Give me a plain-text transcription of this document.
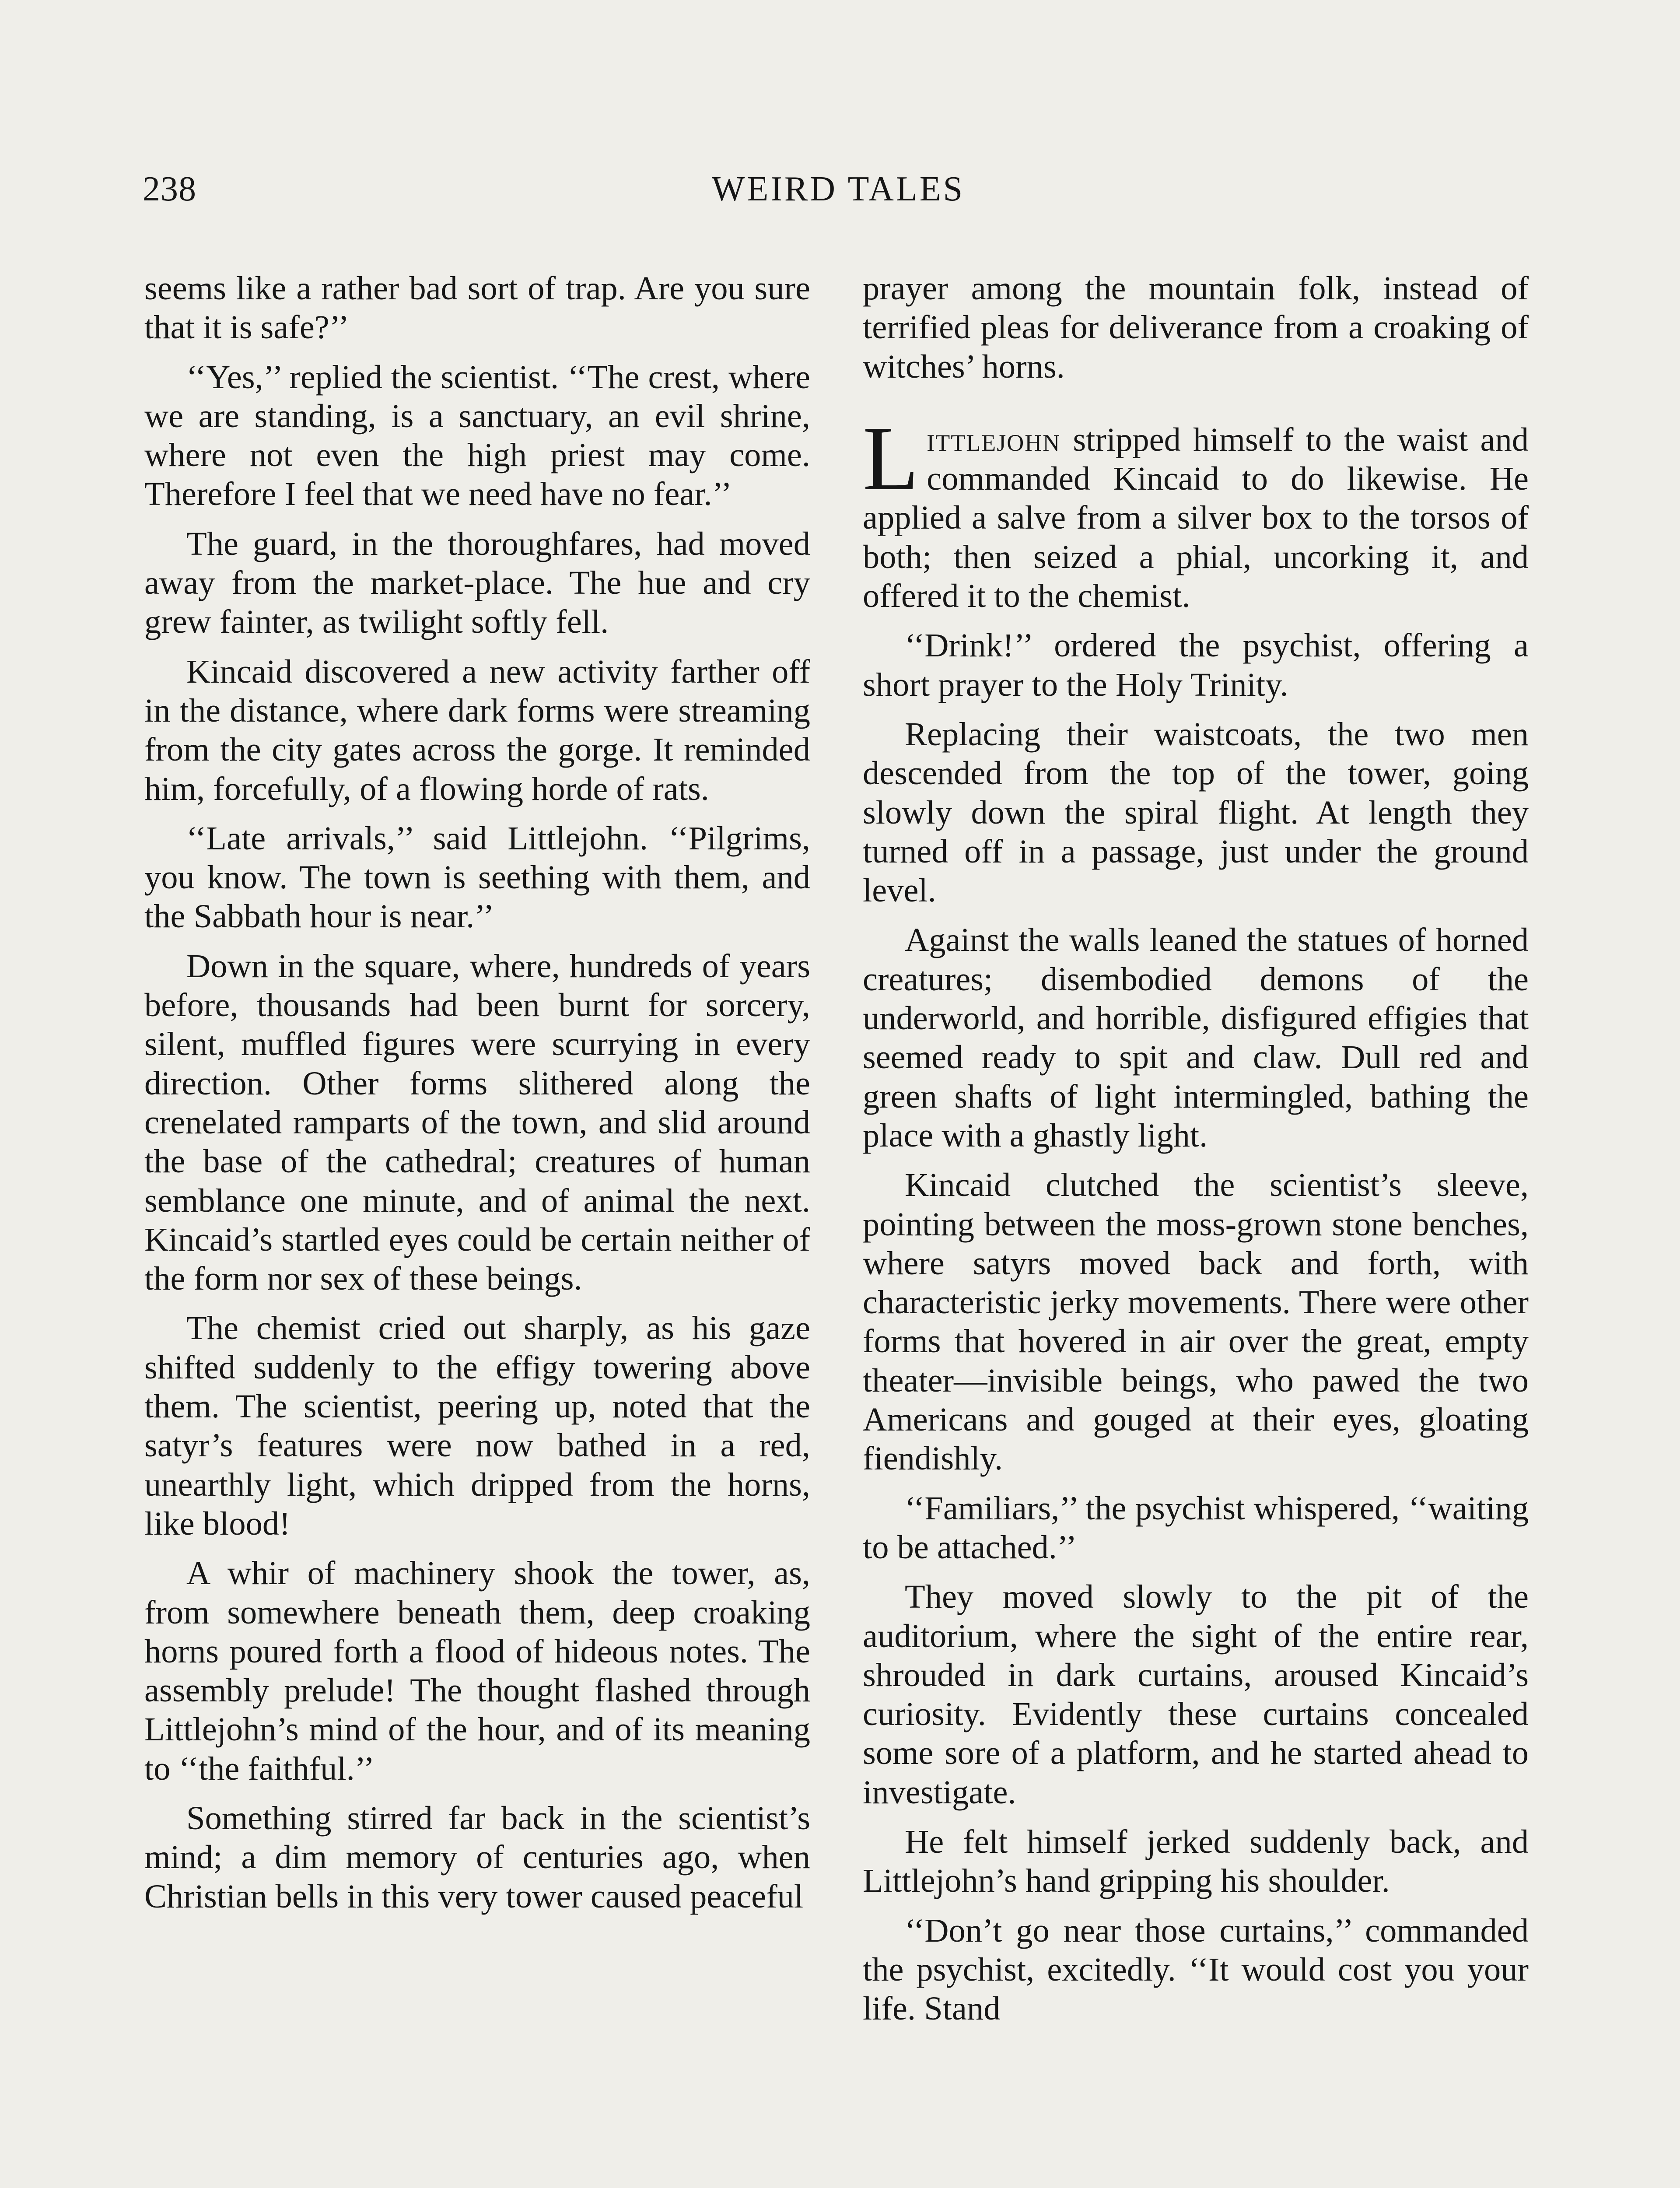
238	WEIRD TALES

seems like a rather bad sort of trap. Are you sure that it is safe?’’

‘‘Yes,’’ replied the scientist. ‘‘The crest, where we are standing, is a sanctuary, an evil shrine, where not even the high priest may come. Therefore I feel that we need have no fear.’’

The guard, in the thoroughfares, had moved away from the market-place. The hue and cry grew fainter, as twilight softly fell.

Kincaid discovered a new activity farther off in the distance, where dark forms were streaming from the city gates across the gorge. It reminded him, forcefully, of a flowing horde of rats.

‘‘Late arrivals,’’ said Littlejohn. ‘‘Pilgrims, you know. The town is seething with them, and the Sabbath hour is near.’’

Down in the square, where, hundreds of years before, thousands had been burnt for sorcery, silent, muffled figures were scurrying in every direction. Other forms slithered along the crenelated ramparts of the town, and slid around the base of the cathedral; creatures of human semblance one minute, and of animal the next. Kincaid’s startled eyes could be certain neither of the form nor sex of these beings.

The chemist cried out sharply, as his gaze shifted suddenly to the effigy towering above them. The scientist, peering up, noted that the satyr’s features were now bathed in a red, unearthly light, which dripped from the horns, like blood!

A whir of machinery shook the tower, as, from somewhere beneath them, deep croaking horns poured forth a flood of hideous notes. The assembly prelude! The thought flashed through Littlejohn’s mind of the hour, and of its meaning to ‘‘the faithful.’’

Something stirred far back in the scientist’s mind; a dim memory of centuries ago, when Christian bells in this very tower caused peaceful

prayer among the mountain folk, instead of terrified pleas for deliverance from a croaking of witches’ horns.

Littlejohn stripped himself to the waist and commanded Kincaid to do likewise. He applied a salve from a silver box to the torsos of both; then seized a phial, uncorking it, and offered it to the chemist.

‘‘Drink!’’ ordered the psychist, offering a short prayer to the Holy Trinity.

Replacing their waistcoats, the two men descended from the top of the tower, going slowly down the spiral flight. At length they turned off in a passage, just under the ground level.

Against the walls leaned the statues of horned creatures; disembodied demons of the underworld, and horrible, disfigured effigies that seemed ready to spit and claw. Dull red and green shafts of light intermingled, bathing the place with a ghastly light.

Kincaid clutched the scientist’s sleeve, pointing between the moss-grown stone benches, where satyrs moved back and forth, with characteristic jerky movements. There were other forms that hovered in air over the great, empty theater—invisible beings, who pawed the two Americans and gouged at their eyes, gloating fiendishly.

‘‘Familiars,’’ the psychist whispered, ‘‘waiting to be attached.’’

They moved slowly to the pit of the auditorium, where the sight of the entire rear, shrouded in dark curtains, aroused Kincaid’s curiosity. Evidently these curtains concealed some sore of a platform, and he started ahead to investigate.

He felt himself jerked suddenly back, and Littlejohn’s hand gripping his shoulder.

‘‘Don’t go near those curtains,’’ commanded the psychist, excitedly. ‘‘It would cost you your life. Stand
